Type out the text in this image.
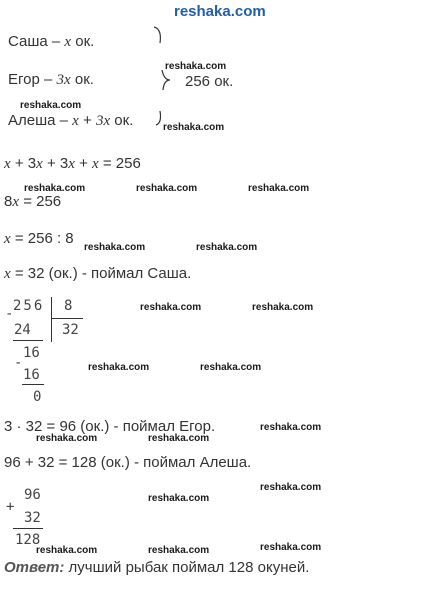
reshaka.com
Саша – x ок.
Егор – 3x ок.
Алеша – x + 3x ок.
256 ок.
reshaka.com
reshaka.com
reshaka.com
x + 3x + 3x + x = 256
reshaka.com	reshaka.com	reshaka.com
8x = 256
x = 256 : 8
reshaka.com	reshaka.com
x = 32 (ок.) - поймал Саша.
256
-	8
32
24
16
-
16
0
reshaka.com	reshaka.com
reshaka.com	reshaka.com
3 · 32 = 96 (ок.) - поймал Егор.	reshaka.com
reshaka.com	reshaka.com
96 + 32 = 128 (ок.) - поймал Алеша.
reshaka.com
96
+
32
128
reshaka.com
reshaka.com	reshaka.com	reshaka.com
Ответ: лучший рыбак поймал 128 окуней.
